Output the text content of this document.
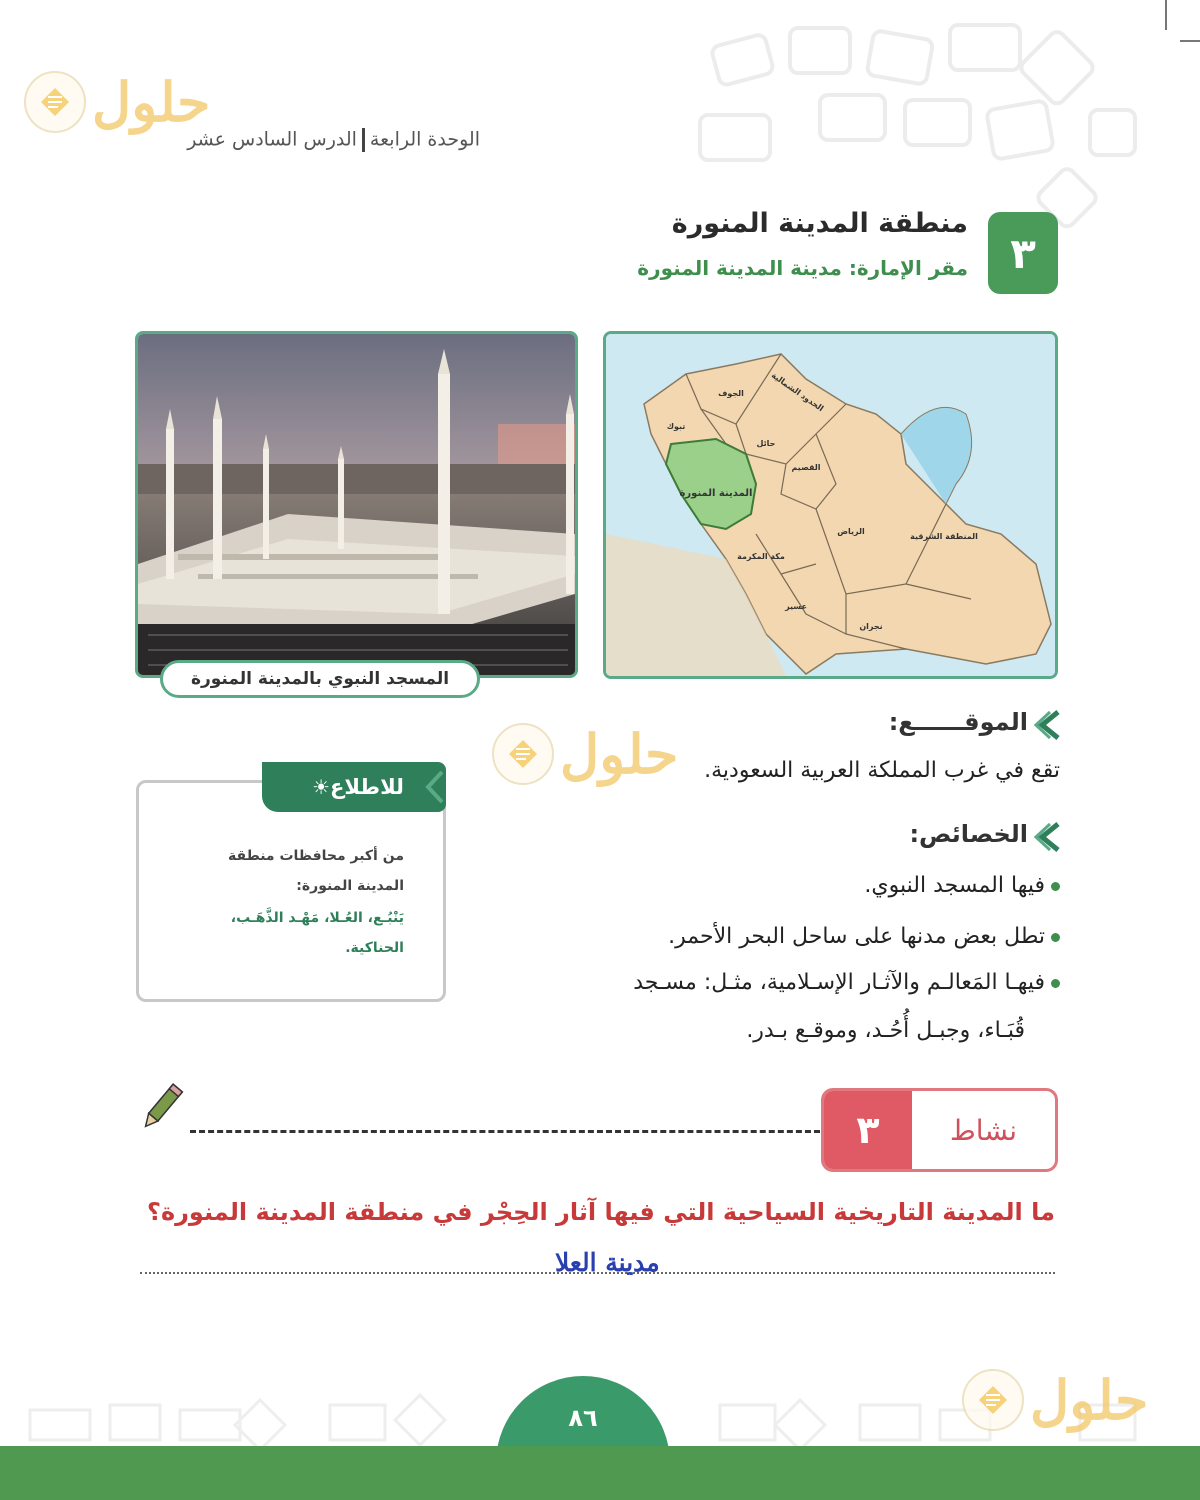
حلول
حلول
حلول
الوحدة الرابعةالدرس السادس عشر
٣
منطقة المدينة المنورة
مقر الإمارة: مدينة المدينة المنورة
الجوف	الحدود الشمالية
تبوك
حائل
القصيم
المدينة المنورة
الرياض
المنطقة الشرقية
مكة المكرمة
عسير
نجران
المسجد النبوي بالمدينة المنورة
الموقــــــع:
تقع في غرب المملكة العربية السعودية.
الخصائص:
فيها المسجد النبوي.
تطل بعض مدنها على ساحل البحر الأحمر.
فيهـا المَعالـم والآثـار الإسـلامية، مثـل: مسـجد
قُبَـاء، وجبـل أُحُـد، وموقـع بـدر.
للاطلاع
☀
من أكبر محافظات منطقة
المدينة المنورة:
يَنْبُـع، العُـلا، مَهْـد الذَّهَـب،
الحناكية.
٣	نشاط
ما المدينة التاريخية السياحية التي فيها آثار الحِجْر في منطقة المدينة المنورة؟
مدينة العلا
٨٦
